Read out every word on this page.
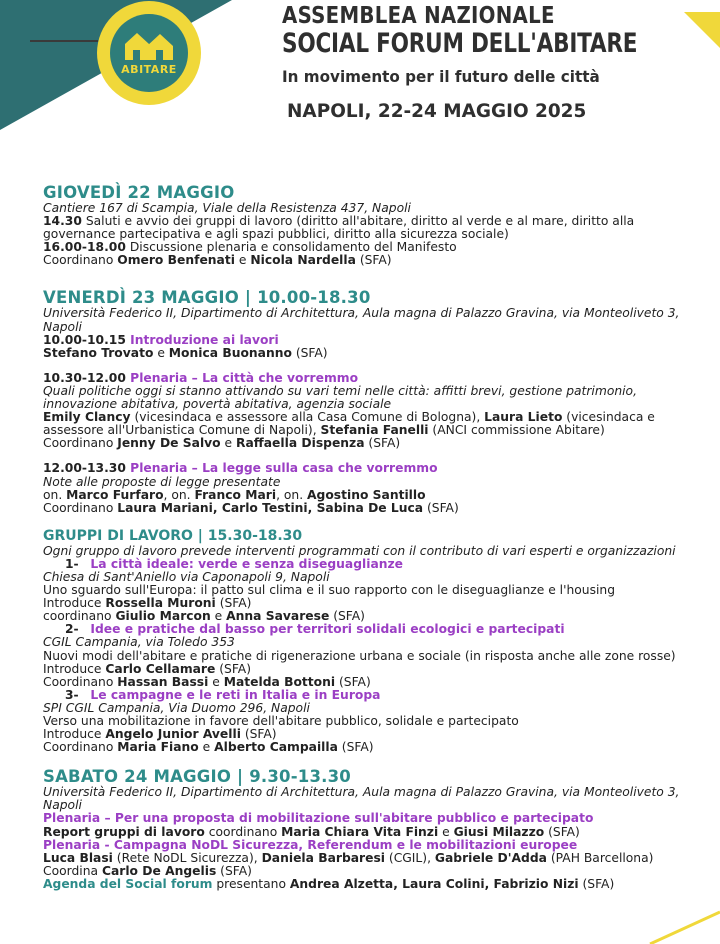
ABITARE
ASSEMBLEA NAZIONALE
SOCIAL FORUM DELL'ABITARE
In movimento per il futuro delle città
NAPOLI, 22-24 MAGGIO 2025

GIOVEDÌ 22 MAGGIO

Cantiere 167 di Scampia, Viale della Resistenza 437, Napoli

14.30 Saluti e avvio dei gruppi di lavoro (diritto all'abitare, diritto al verde e al mare, diritto alla governance partecipativa e agli spazi pubblici, diritto alla sicurezza sociale)

16.00-18.00 Discussione plenaria e consolidamento del Manifesto

Coordinano Omero Benfenati e Nicola Nardella (SFA)

VENERDÌ 23 MAGGIO | 10.00-18.30

Università Federico II, Dipartimento di Architettura, Aula magna di Palazzo Gravina, via Monteoliveto 3, Napoli

10.00-10.15 Introduzione ai lavori

Stefano Trovato e Monica Buonanno (SFA)

10.30-12.00 Plenaria – La città che vorremmo

Quali politiche oggi si stanno attivando su vari temi nelle città: affitti brevi, gestione patrimonio, innovazione abitativa, povertà abitativa, agenzia sociale

Emily Clancy (vicesindaca e assessore alla Casa Comune di Bologna), Laura Lieto (vicesindaca e assessore all'Urbanistica Comune di Napoli), Stefania Fanelli (ANCI commissione Abitare)

Coordinano Jenny De Salvo e Raffaella Dispenza (SFA)

12.00-13.30 Plenaria – La legge sulla casa che vorremmo

Note alle proposte di legge presentate

on. Marco Furfaro, on. Franco Mari, on. Agostino Santillo

Coordinano Laura Mariani, Carlo Testini, Sabina De Luca (SFA)

GRUPPI DI LAVORO | 15.30-18.30

Ogni gruppo di lavoro prevede interventi programmati con il contributo di vari esperti e organizzazioni

1- La città ideale: verde e senza diseguaglianze

Chiesa di Sant'Aniello via Caponapoli 9, Napoli

Uno sguardo sull'Europa: il patto sul clima e il suo rapporto con le diseguaglianze e l'housing

Introduce Rossella Muroni (SFA)

coordinano Giulio Marcon e Anna Savarese (SFA)

2- Idee e pratiche dal basso per territori solidali ecologici e partecipati

CGIL Campania, via Toledo 353

Nuovi modi dell'abitare e pratiche di rigenerazione urbana e sociale (in risposta anche alle zone rosse)

Introduce Carlo Cellamare (SFA)

Coordinano Hassan Bassi e Matelda Bottoni (SFA)

3- Le campagne e le reti in Italia e in Europa

SPI CGIL Campania, Via Duomo 296, Napoli

Verso una mobilitazione in favore dell'abitare pubblico, solidale e partecipato

Introduce Angelo Junior Avelli (SFA)

Coordinano Maria Fiano e Alberto Campailla (SFA)

SABATO 24 MAGGIO | 9.30-13.30

Università Federico II, Dipartimento di Architettura, Aula magna di Palazzo Gravina, via Monteoliveto 3, Napoli

Plenaria – Per una proposta di mobilitazione sull'abitare pubblico e partecipato

Report gruppi di lavoro coordinano Maria Chiara Vita Finzi e Giusi Milazzo (SFA)

Plenaria - Campagna NoDL Sicurezza, Referendum e le mobilitazioni europee

Luca Blasi (Rete NoDL Sicurezza), Daniela Barbaresi (CGIL), Gabriele D'Adda (PAH Barcellona)

Coordina Carlo De Angelis (SFA)

Agenda del Social forum presentano Andrea Alzetta, Laura Colini, Fabrizio Nizi (SFA)
